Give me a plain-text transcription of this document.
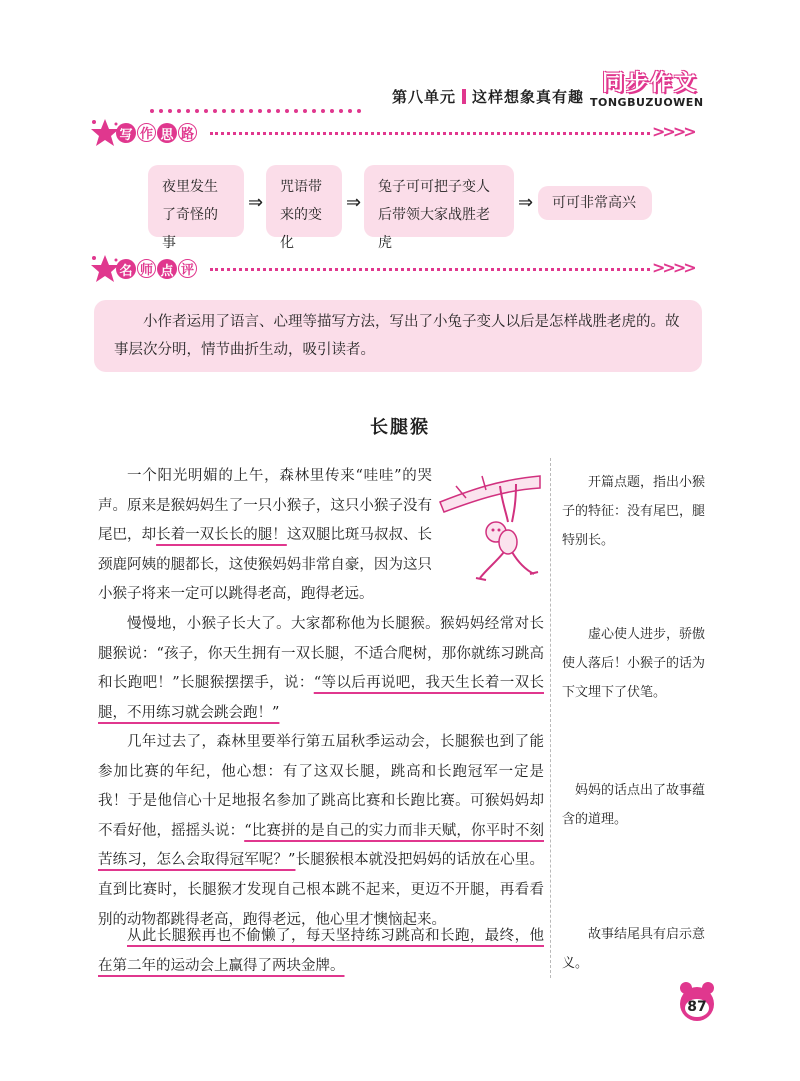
第八单元 这样想象真有趣
同步作文
TONGBUZUOWEN
写 作 思 路	>>>>
夜里发生了奇怪的事
⇒
咒语带来的变化
⇒
兔子可可把子变人后带领大家战胜老虎
⇒	可可非常高兴
名 师 点 评	>>>>
小作者运用了语言、心理等描写方法，写出了小兔子变人以后是怎样战胜老虎的。故事层次分明，情节曲折生动，吸引读者。
长腿猴
一个阳光明媚的上午，森林里传来“哇哇”的哭声。原来是猴妈妈生了一只小猴子，这只小猴子没有尾巴，却长着一双长长的腿！这双腿比斑马叔叔、长颈鹿阿姨的腿都长，这使猴妈妈非常自豪，因为这只小猴子将来一定可以跳得老高，跑得老远。
慢慢地，小猴子长大了。大家都称他为长腿猴。猴妈妈经常对长腿猴说：“孩子，你天生拥有一双长腿，不适合爬树，那你就练习跳高和长跑吧！”长腿猴摆摆手，说：“等以后再说吧，我天生长着一双长腿，不用练习就会跳会跑！”
几年过去了，森林里要举行第五届秋季运动会，长腿猴也到了能参加比赛的年纪，他心想：有了这双长腿，跳高和长跑冠军一定是我！于是他信心十足地报名参加了跳高比赛和长跑比赛。可猴妈妈却不看好他，摇摇头说：“比赛拼的是自己的实力而非天赋，你平时不刻苦练习，怎么会取得冠军呢？”长腿猴根本就没把妈妈的话放在心里。直到比赛时，长腿猴才发现自己根本跳不起来，更迈不开腿，再看看别的动物都跳得老高，跑得老远，他心里才懊恼起来。
从此长腿猴再也不偷懒了，每天坚持练习跳高和长跑，最终，他在第二年的运动会上赢得了两块金牌。
开篇点题，指出小猴子的特征：没有尾巴，腿特别长。
虚心使人进步，骄傲使人落后！小猴子的话为下文埋下了伏笔。
妈妈的话点出了故事蕴含的道理。
故事结尾具有启示意义。
87
